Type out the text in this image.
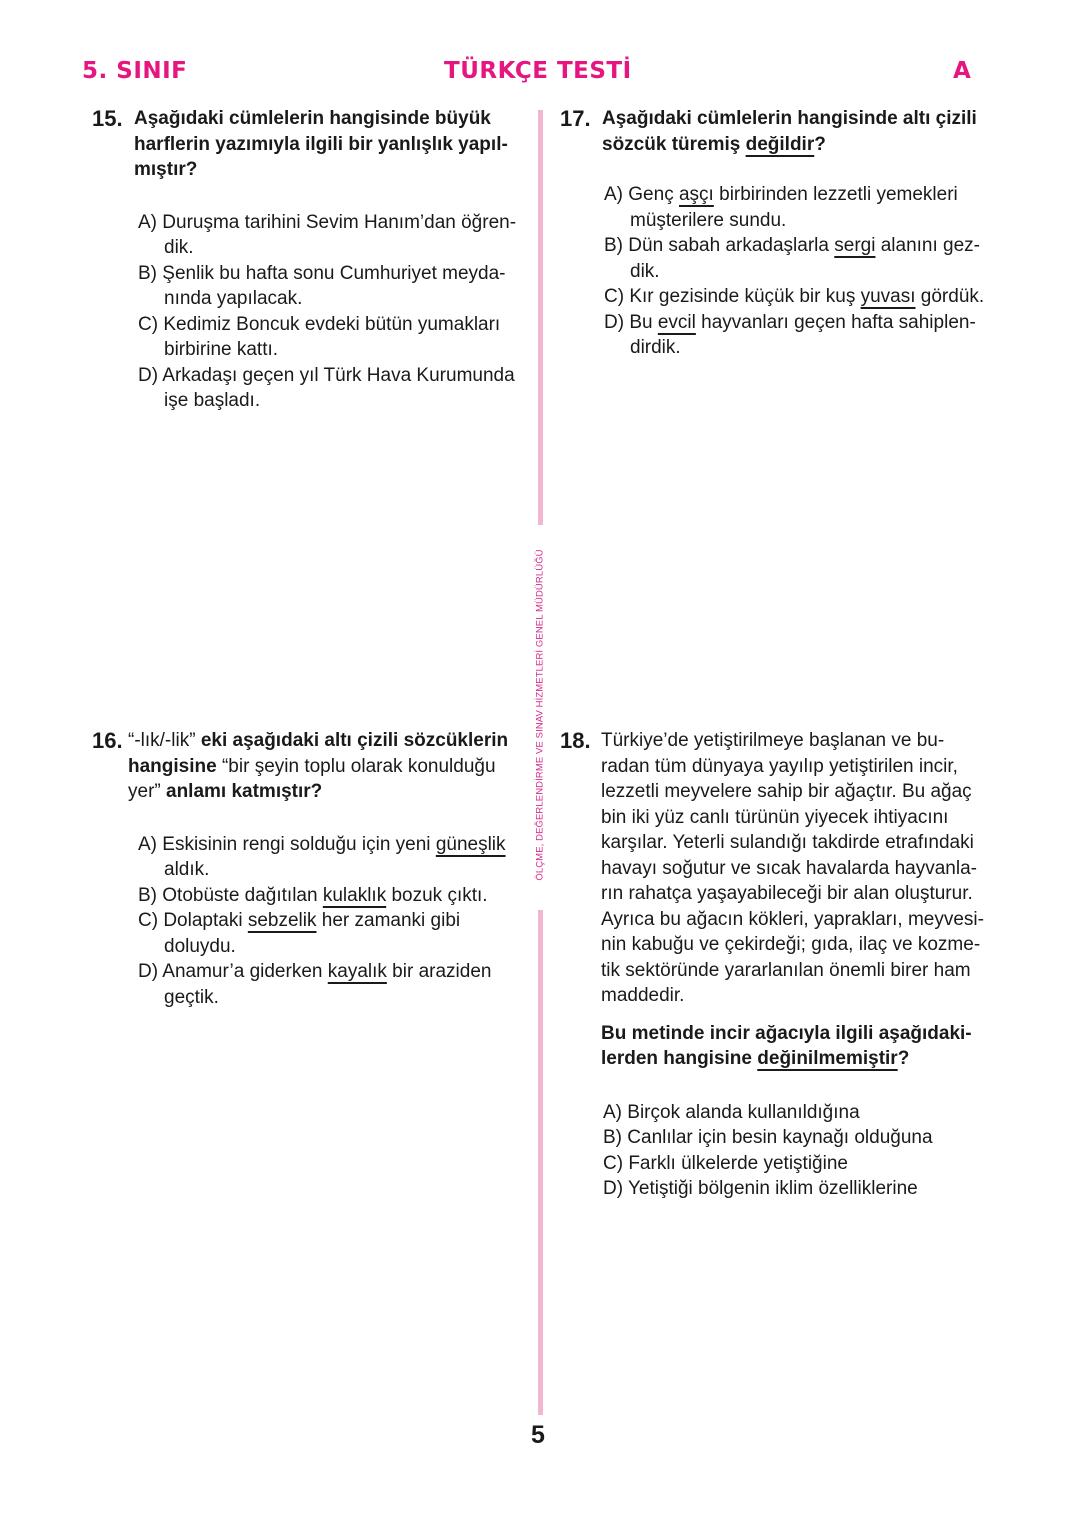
5. SINIF	TÜRKÇE TESTİ	A
ÖLÇME, DEĞERLENDİRME VE SINAV HİZMETLERİ GENEL MÜDÜRLÜĞÜ
15. Aşağıdaki cümlelerin hangisinde büyük
harflerin yazımıyla ilgili bir yanlışlık yapıl-
mıştır?
A) Duruşma tarihini Sevim Hanım’dan öğren-
dik.
B) Şenlik bu hafta sonu Cumhuriyet meyda-
nında yapılacak.
C) Kedimiz Boncuk evdeki bütün yumakları
birbirine kattı.
D) Arkadaşı geçen yıl Türk Hava Kurumunda
işe başladı.
16. “-lık/-lik” eki aşağıdaki altı çizili sözcüklerin
hangisine “bir şeyin toplu olarak konulduğu
yer” anlamı katmıştır?
A) Eskisinin rengi solduğu için yeni güneşlik
aldık.
B) Otobüste dağıtılan kulaklık bozuk çıktı.
C) Dolaptaki sebzelik her zamanki gibi
doluydu.
D) Anamur’a giderken kayalık bir araziden
geçtik.
17. Aşağıdaki cümlelerin hangisinde altı çizili
sözcük türemiş değildir?
A) Genç aşçı birbirinden lezzetli yemekleri
müşterilere sundu.
B) Dün sabah arkadaşlarla sergi alanını gez-
dik.
C) Kır gezisinde küçük bir kuş yuvası gördük.
D) Bu evcil hayvanları geçen hafta sahiplen-
dirdik.
18. Türkiye’de yetiştirilmeye başlanan ve bu-
radan tüm dünyaya yayılıp yetiştirilen incir,
lezzetli meyvelere sahip bir ağaçtır. Bu ağaç
bin iki yüz canlı türünün yiyecek ihtiyacını
karşılar. Yeterli sulandığı takdirde etrafındaki
havayı soğutur ve sıcak havalarda hayvanla-
rın rahatça yaşayabileceği bir alan oluşturur.
Ayrıca bu ağacın kökleri, yaprakları, meyvesi-
nin kabuğu ve çekirdeği; gıda, ilaç ve kozme-
tik sektöründe yararlanılan önemli birer ham
maddedir.
Bu metinde incir ağacıyla ilgili aşağıdaki-
lerden hangisine değinilmemiştir?
A) Birçok alanda kullanıldığına
B) Canlılar için besin kaynağı olduğuna
C) Farklı ülkelerde yetiştiğine
D) Yetiştiği bölgenin iklim özelliklerine
5
